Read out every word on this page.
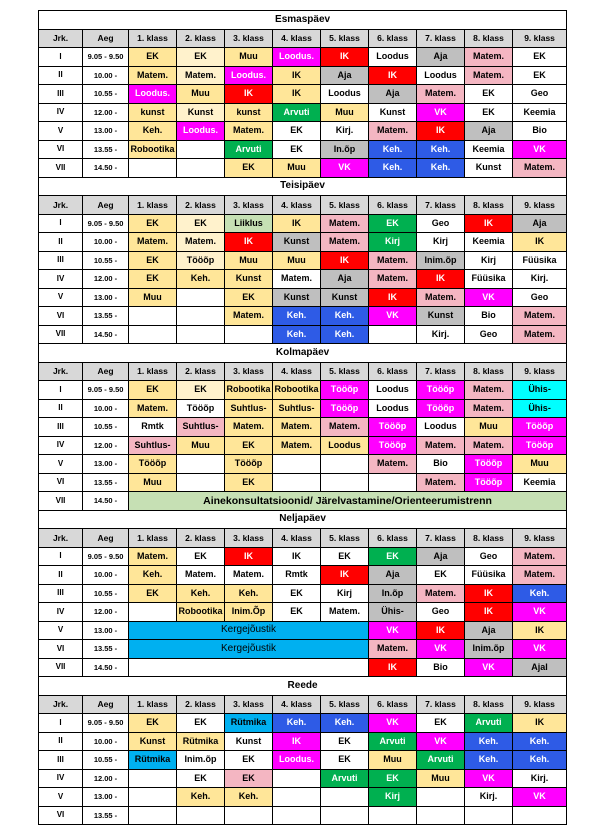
Esmaspäev										
Jrk.	Aeg	1. klass	2. klass	3. klass	4. klass	5. klass	6. klass	7. klass	8. klass	9. klass
I	9.05 - 9.50	EK	EK	Muu	Loodus.	IK	Loodus	Aja	Matem.	EK
II	10.00 -	Matem.	Matem.	Loodus.	IK	Aja	IK	Loodus	Matem.	EK
III	10.55 -	Loodus.	Muu	IK	IK	Loodus	Aja	Matem.	EK	Geo
IV	12.00 -	kunst	Kunst	kunst	Arvuti	Muu	Kunst	VK	EK	Keemia
V	13.00 -	Keh.	Loodus.	Matem.	EK	Kirj.	Matem.	IK	Aja	Bio
VI	13.55 -	Robootika		Arvuti	EK	In.õp	Keh.	Keh.	Keemia	VK
VII	14.50 -			EK	Muu	VK	Keh.	Keh.	Kunst	Matem.
Teisipäev										
Jrk.	Aeg	1. klass	2. klass	3. klass	4. klass	5. klass	6. klass	7. klass	8. klass	9. klass
I	9.05 - 9.50	EK	EK	Liiklus	IK	Matem.	EK	Geo	IK	Aja
II	10.00 -	Matem.	Matem.	IK	Kunst	Matem.	Kirj	Kirj	Keemia	IK
III	10.55 -	EK	Tööõp	Muu	Muu	IK	Matem.	Inim.õp	Kirj	Füüsika
IV	12.00 -	EK	Keh.	Kunst	Matem.	Aja	Matem.	IK	Füüsika	Kirj.
V	13.00 -	Muu		EK	Kunst	Kunst	IK	Matem.	VK	Geo
VI	13.55 -			Matem.	Keh.	Keh.	VK	Kunst	Bio	Matem.
VII	14.50 -				Keh.	Keh.		Kirj.	Geo	Matem.
Kolmapäev										
Jrk.	Aeg	1. klass	2. klass	3. klass	4. klass	5. klass	6. klass	7. klass	8. klass	9. klass
I	9.05 - 9.50	EK	EK	Robootika	Robootika	Tööõp	Loodus	Tööõp	Matem.	Ühis-
II	10.00 -	Matem.	Tööõp	Suhtlus-	Suhtlus-	Tööõp	Loodus	Tööõp	Matem.	Ühis-
III	10.55 -	Rmtk	Suhtlus-	Matem.	Matem.	Matem.	Tööõp	Loodus	Muu	Tööõp
IV	12.00 -	Suhtlus-	Muu	EK	Matem.	Loodus	Tööõp	Matem.	Matem.	Tööõp
V	13.00 -	Tööõp		Tööõp			Matem.	Bio	Tööõp	Muu
VI	13.55 -	Muu		EK				Matem.	Tööõp	Keemia
VII	14.50 -	Ainekonsultatsioonid/ Järelvastamine/Orienteerumistrenn								
Neljapäev										
Jrk.	Aeg	1. klass	2. klass	3. klass	4. klass	5. klass	6. klass	7. klass	8. klass	9. klass
I	9.05 - 9.50	Matem.	EK	IK	IK	EK	EK	Aja	Geo	Matem.
II	10.00 -	Keh.	Matem.	Matem.	Rmtk	IK	Aja	EK	Füüsika	Matem.
III	10.55 -	EK	Keh.	Keh.	EK	Kirj	In.õp	Matem.	IK	Keh.
IV	12.00 -		Robootika	Inim.Õp	EK	Matem.	Ühis-	Geo	IK	VK
V	13.00 -	Kergejõustik					VK	IK	Aja	IK
VI	13.55 -	Kergejõustik					Matem.	VK	Inim.õp	VK
VII	14.50 -						IK	Bio	VK	Ajal
Reede										
Jrk.	Aeg	1. klass	2. klass	3. klass	4. klass	5. klass	6. klass	7. klass	8. klass	9. klass
I	9.05 - 9.50	EK	EK	Rütmika	Keh.	Keh.	VK	EK	Arvuti	IK
II	10.00 -	Kunst	Rütmika	Kunst	IK	EK	Arvuti	VK	Keh.	Keh.
III	10.55 -	Rütmika	Inim.õp	EK	Loodus.	EK	Muu	Arvuti	Keh.	Keh.
IV	12.00 -		EK	EK		Arvuti	EK	Muu	VK	Kirj.
V	13.00 -		Keh.	Keh.			Kirj		Kirj.	VK
VI	13.55 -									
